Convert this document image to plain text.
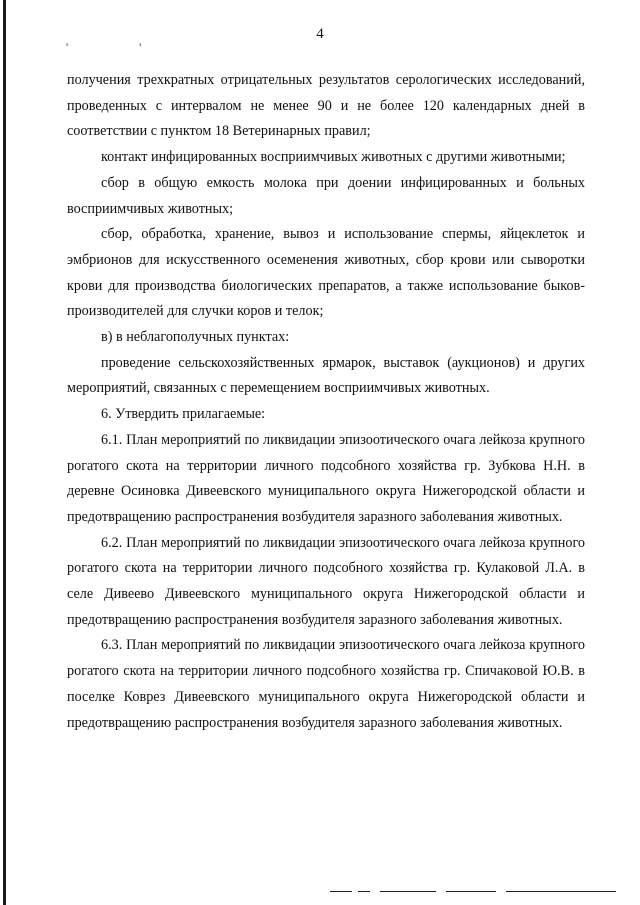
4
' '

получения трехкратных отрицательных результатов серологических исследований, проведенных с интервалом не менее 90 и не более 120 календарных дней в соответствии с пунктом 18 Ветеринарных правил;

контакт инфицированных восприимчивых животных с другими животными;

сбор в общую емкость молока при доении инфицированных и больных восприимчивых животных;

сбор, обработка, хранение, вывоз и использование спермы, яйцеклеток и эмбрионов для искусственного осеменения животных, сбор крови или сыворотки крови для производства биологических препаратов, а также использование быков-производителей для случки коров и телок;

в) в неблагополучных пунктах:

проведение сельскохозяйственных ярмарок, выставок (аукционов) и других мероприятий, связанных с перемещением восприимчивых животных.

6. Утвердить прилагаемые:

6.1. План мероприятий по ликвидации эпизоотического очага лейкоза крупного рогатого скота на территории личного подсобного хозяйства гр. Зубкова Н.Н. в деревне Осиновка Дивеевского муниципального округа Нижегородской области и предотвращению распространения возбудителя заразного заболевания животных.

6.2. План мероприятий по ликвидации эпизоотического очага лейкоза крупного рогатого скота на территории личного подсобного хозяйства гр. Кулаковой Л.А. в селе Дивеево Дивеевского муниципального округа Нижегородской области и предотвращению распространения возбудителя заразного заболевания животных.

6.3. План мероприятий по ликвидации эпизоотического очага лейкоза крупного рогатого скота на территории личного подсобного хозяйства гр. Спичаковой Ю.В. в поселке Коврез Дивеевского муниципального округа Нижегородской области и предотвращению распространения возбудителя заразного заболевания животных.
